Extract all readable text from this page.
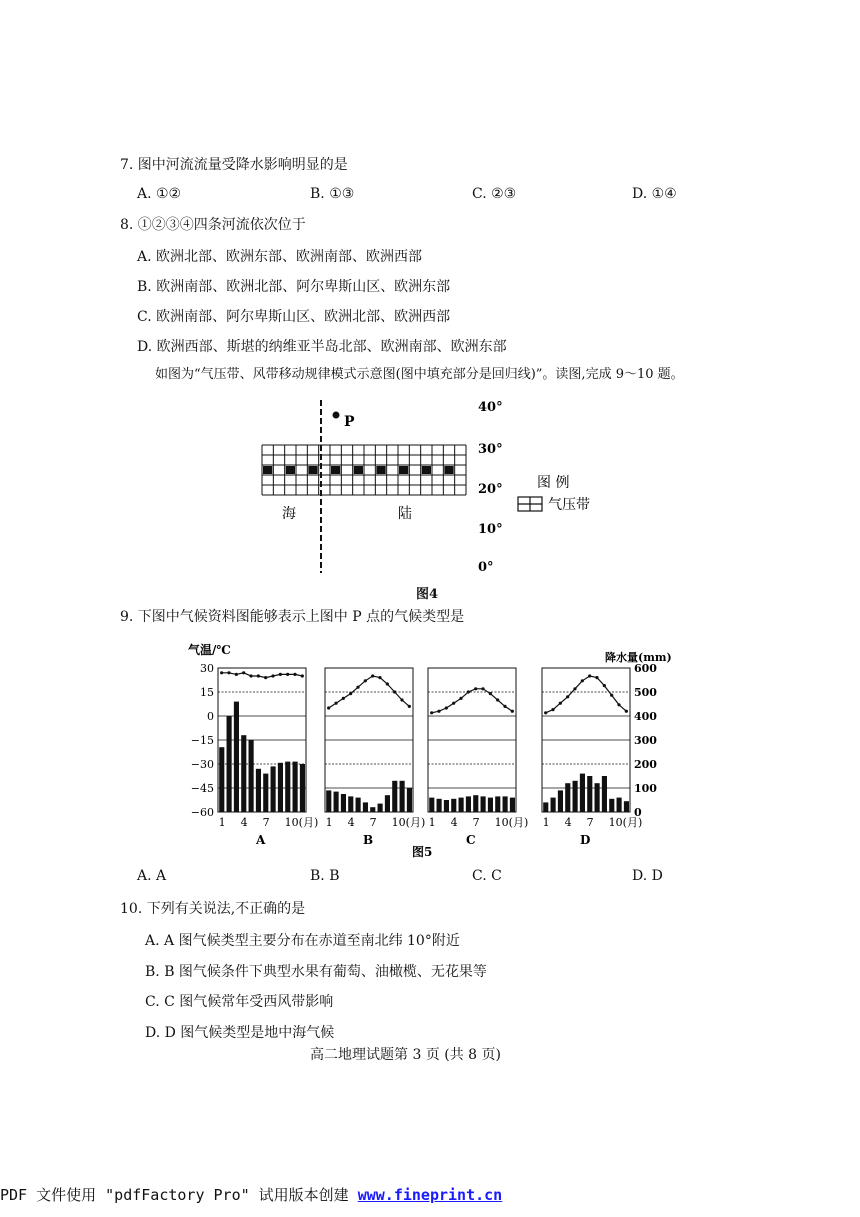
7. 图中河流流量受降水影响明显的是
A. ①②	B. ①③	C. ②③	D. ①④
8. ①②③④四条河流依次位于
A. 欧洲北部、欧洲东部、欧洲南部、欧洲西部
B. 欧洲南部、欧洲北部、阿尔卑斯山区、欧洲东部
C. 欧洲南部、阿尔卑斯山区、欧洲北部、欧洲西部
D. 欧洲西部、斯堪的纳维亚半岛北部、欧洲南部、欧洲东部
如图为“气压带、风带移动规律模式示意图(图中填充部分是回归线)”。读图,完成 9～10 题。
P
40°
30°
20°
10°
0°
海	陆
图 例
气压带
图4
9. 下图中气候资料图能够表示上图中 P 点的气候类型是
气温/℃
降水量(mm)
30
15
0
−15
−30
−45
−60
600
500
400
300
200
100
0
1 4 7 10(月)
A
1 4 7 10(月)
B
1 4 7 10(月)
C
1 4 7 10(月)
D
图5
A. A	B. B	C. C	D. D
10. 下列有关说法,不正确的是
A. A 图气候类型主要分布在赤道至南北纬 10°附近
B. B 图气候条件下典型水果有葡萄、油橄榄、无花果等
C. C 图气候常年受西风带影响
D. D 图气候类型是地中海气候
高二地理试题第 3 页 (共 8 页)
PDF 文件使用 "pdfFactory Pro" 试用版本创建 www.fineprint.cn
